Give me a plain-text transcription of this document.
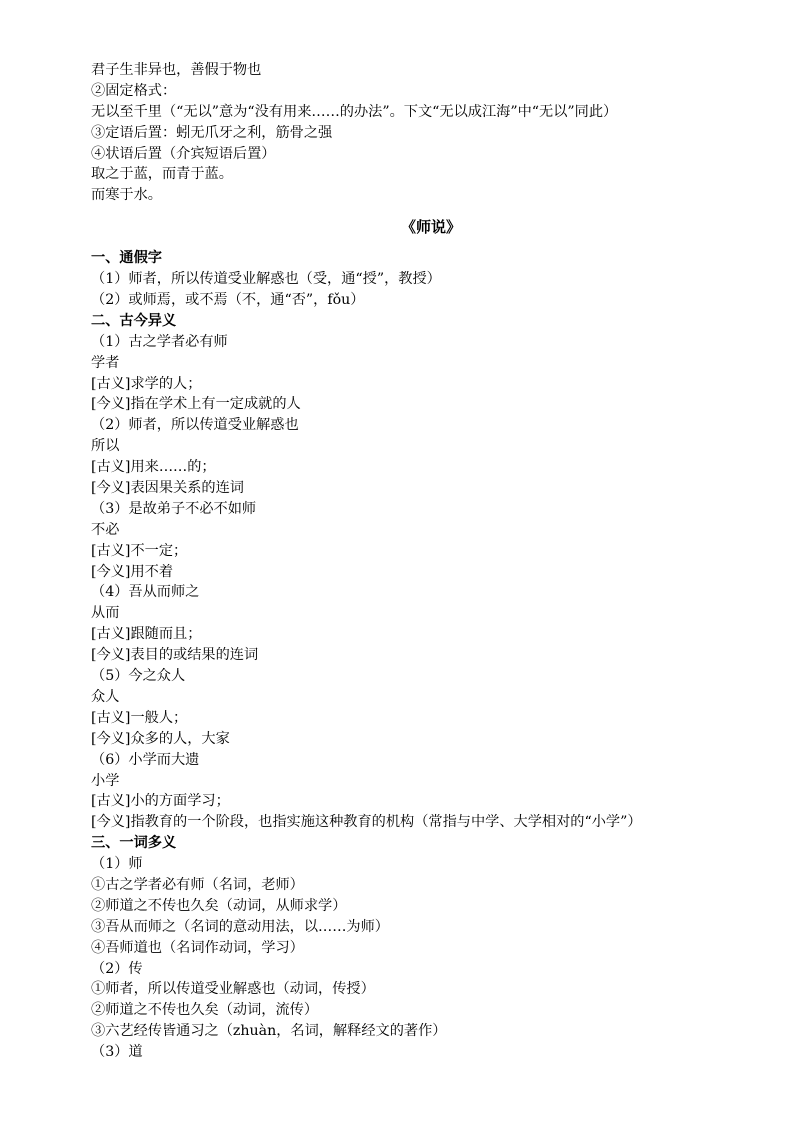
君子生非异也，善假于物也
②固定格式：
无以至千里（“无以”意为“没有用来……的办法”。下文“无以成江海”中“无以”同此）
③定语后置：蚓无爪牙之利，筋骨之强
④状语后置（介宾短语后置）
取之于蓝，而青于蓝。
而寒于水。
《师说》
一、通假字
（1）师者，所以传道受业解惑也（受，通“授”，教授）
（2）或师焉，或不焉（不，通“否”，fǒu）
二、古今异义
（1）古之学者必有师
学者
[古义]求学的人；
[今义]指在学术上有一定成就的人
（2）师者，所以传道受业解惑也
所以
[古义]用来……的；
[今义]表因果关系的连词
（3）是故弟子不必不如师
不必
[古义]不一定；
[今义]用不着
（4）吾从而师之
从而
[古义]跟随而且；
[今义]表目的或结果的连词
（5）今之众人
众人
[古义]一般人；
[今义]众多的人，大家
（6）小学而大遗
小学
[古义]小的方面学习；
[今义]指教育的一个阶段，也指实施这种教育的机构（常指与中学、大学相对的“小学”）
三、一词多义
（1）师
①古之学者必有师（名词，老师）
②师道之不传也久矣（动词，从师求学）
③吾从而师之（名词的意动用法，以……为师）
④吾师道也（名词作动词，学习）
（2）传
①师者，所以传道受业解惑也（动词，传授）
②师道之不传也久矣（动词，流传）
③六艺经传皆通习之（zhuàn，名词，解释经文的著作）
（3）道
